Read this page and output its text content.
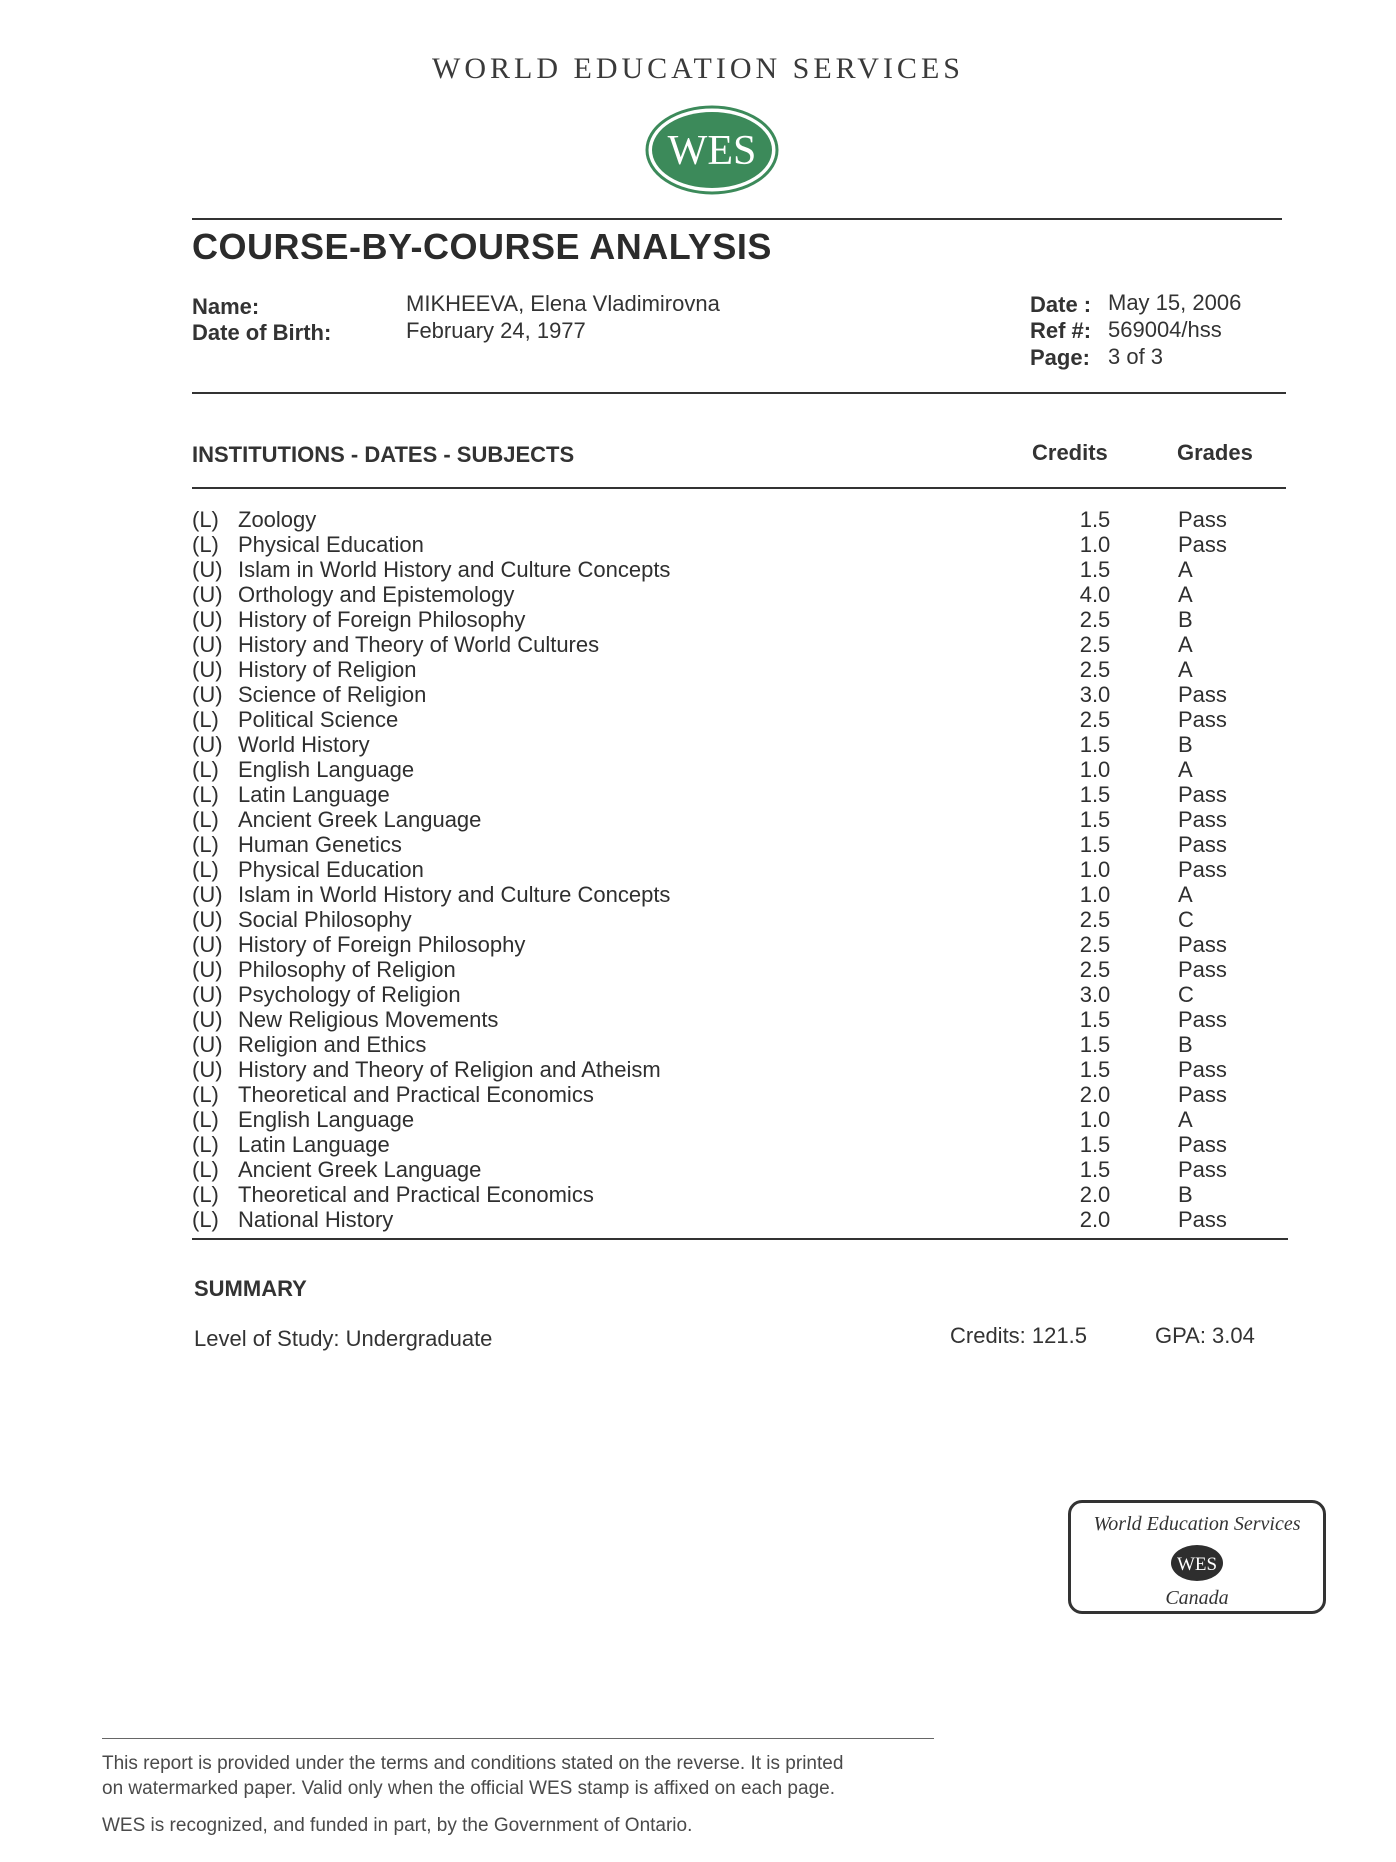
WORLD EDUCATION SERVICES
WES
COURSE-BY-COURSE ANALYSIS
Name:	MIKHEEVA, Elena Vladimirovna
Date of Birth:	February 24, 1977
Date : May 15, 2006
Ref #: 569004/hss
Page: 3 of 3
INSTITUTIONS - DATES - SUBJECTS	Credits	Grades
(L) Zoology	1.5	Pass
(L) Physical Education	1.0	Pass
(U) Islam in World History and Culture Concepts	1.5	A
(U) Orthology and Epistemology	4.0	A
(U) History of Foreign Philosophy	2.5	B
(U) History and Theory of World Cultures	2.5	A
(U) History of Religion	2.5	A
(U) Science of Religion	3.0	Pass
(L) Political Science	2.5	Pass
(U) World History	1.5	B
(L) English Language	1.0	A
(L) Latin Language	1.5	Pass
(L) Ancient Greek Language	1.5	Pass
(L) Human Genetics	1.5	Pass
(L) Physical Education	1.0	Pass
(U) Islam in World History and Culture Concepts	1.0	A
(U) Social Philosophy	2.5	C
(U) History of Foreign Philosophy	2.5	Pass
(U) Philosophy of Religion	2.5	Pass
(U) Psychology of Religion	3.0	C
(U) New Religious Movements	1.5	Pass
(U) Religion and Ethics	1.5	B
(U) History and Theory of Religion and Atheism	1.5	Pass
(L) Theoretical and Practical Economics	2.0	Pass
(L) English Language	1.0	A
(L) Latin Language	1.5	Pass
(L) Ancient Greek Language	1.5	Pass
(L) Theoretical and Practical Economics	2.0	B
(L) National History	2.0	Pass
SUMMARY
Level of Study: Undergraduate	Credits: 121.5	GPA: 3.04
World Education Services
WES
Canada
This report is provided under the terms and conditions stated on the reverse. It is printed
on watermarked paper. Valid only when the official WES stamp is affixed on each page.
WES is recognized, and funded in part, by the Government of Ontario.
